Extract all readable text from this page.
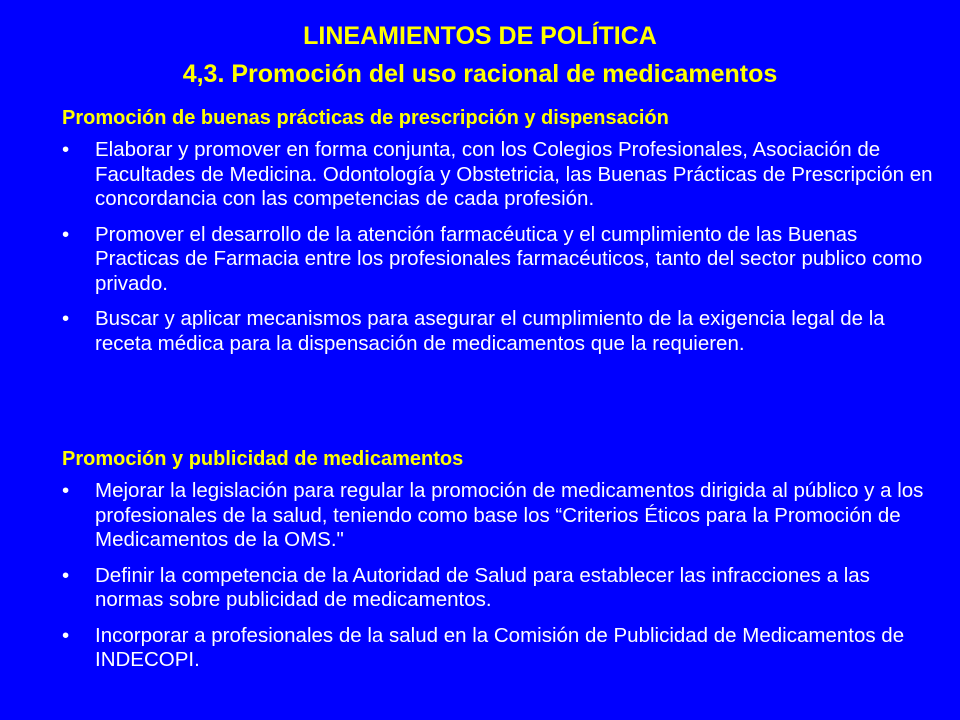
LINEAMIENTOS DE POLÍTICA
4,3. Promoción del uso racional de medicamentos
Promoción de buenas prácticas de prescripción y dispensación
• Elaborar y promover en forma conjunta, con los Colegios Profesionales, Asociación de Facultades de Medicina. Odontología y Obstetricia, las Buenas Prácticas de Prescripción en concordancia con las competencias de cada profesión.
• Promover el desarrollo de la atención farmacéutica y el cumplimiento de las Buenas Practicas de Farmacia entre los profesionales farmacéuticos, tanto del sector publico como privado.
• Buscar y aplicar mecanismos para asegurar el cumplimiento de la exigencia legal de la receta médica para la dispensación de medicamentos que la requieren.
Promoción y publicidad de medicamentos
• Mejorar la legislación para regular la promoción de medicamentos dirigida al público y a los profesionales de la salud, teniendo como base los “Criterios Éticos para la Promoción de Medicamentos de la OMS."
• Definir la competencia de la Autoridad de Salud para establecer las infracciones a las normas sobre publicidad de medicamentos.
• Incorporar a profesionales de la salud en la Comisión de Publicidad de Medicamentos de INDECOPI.
